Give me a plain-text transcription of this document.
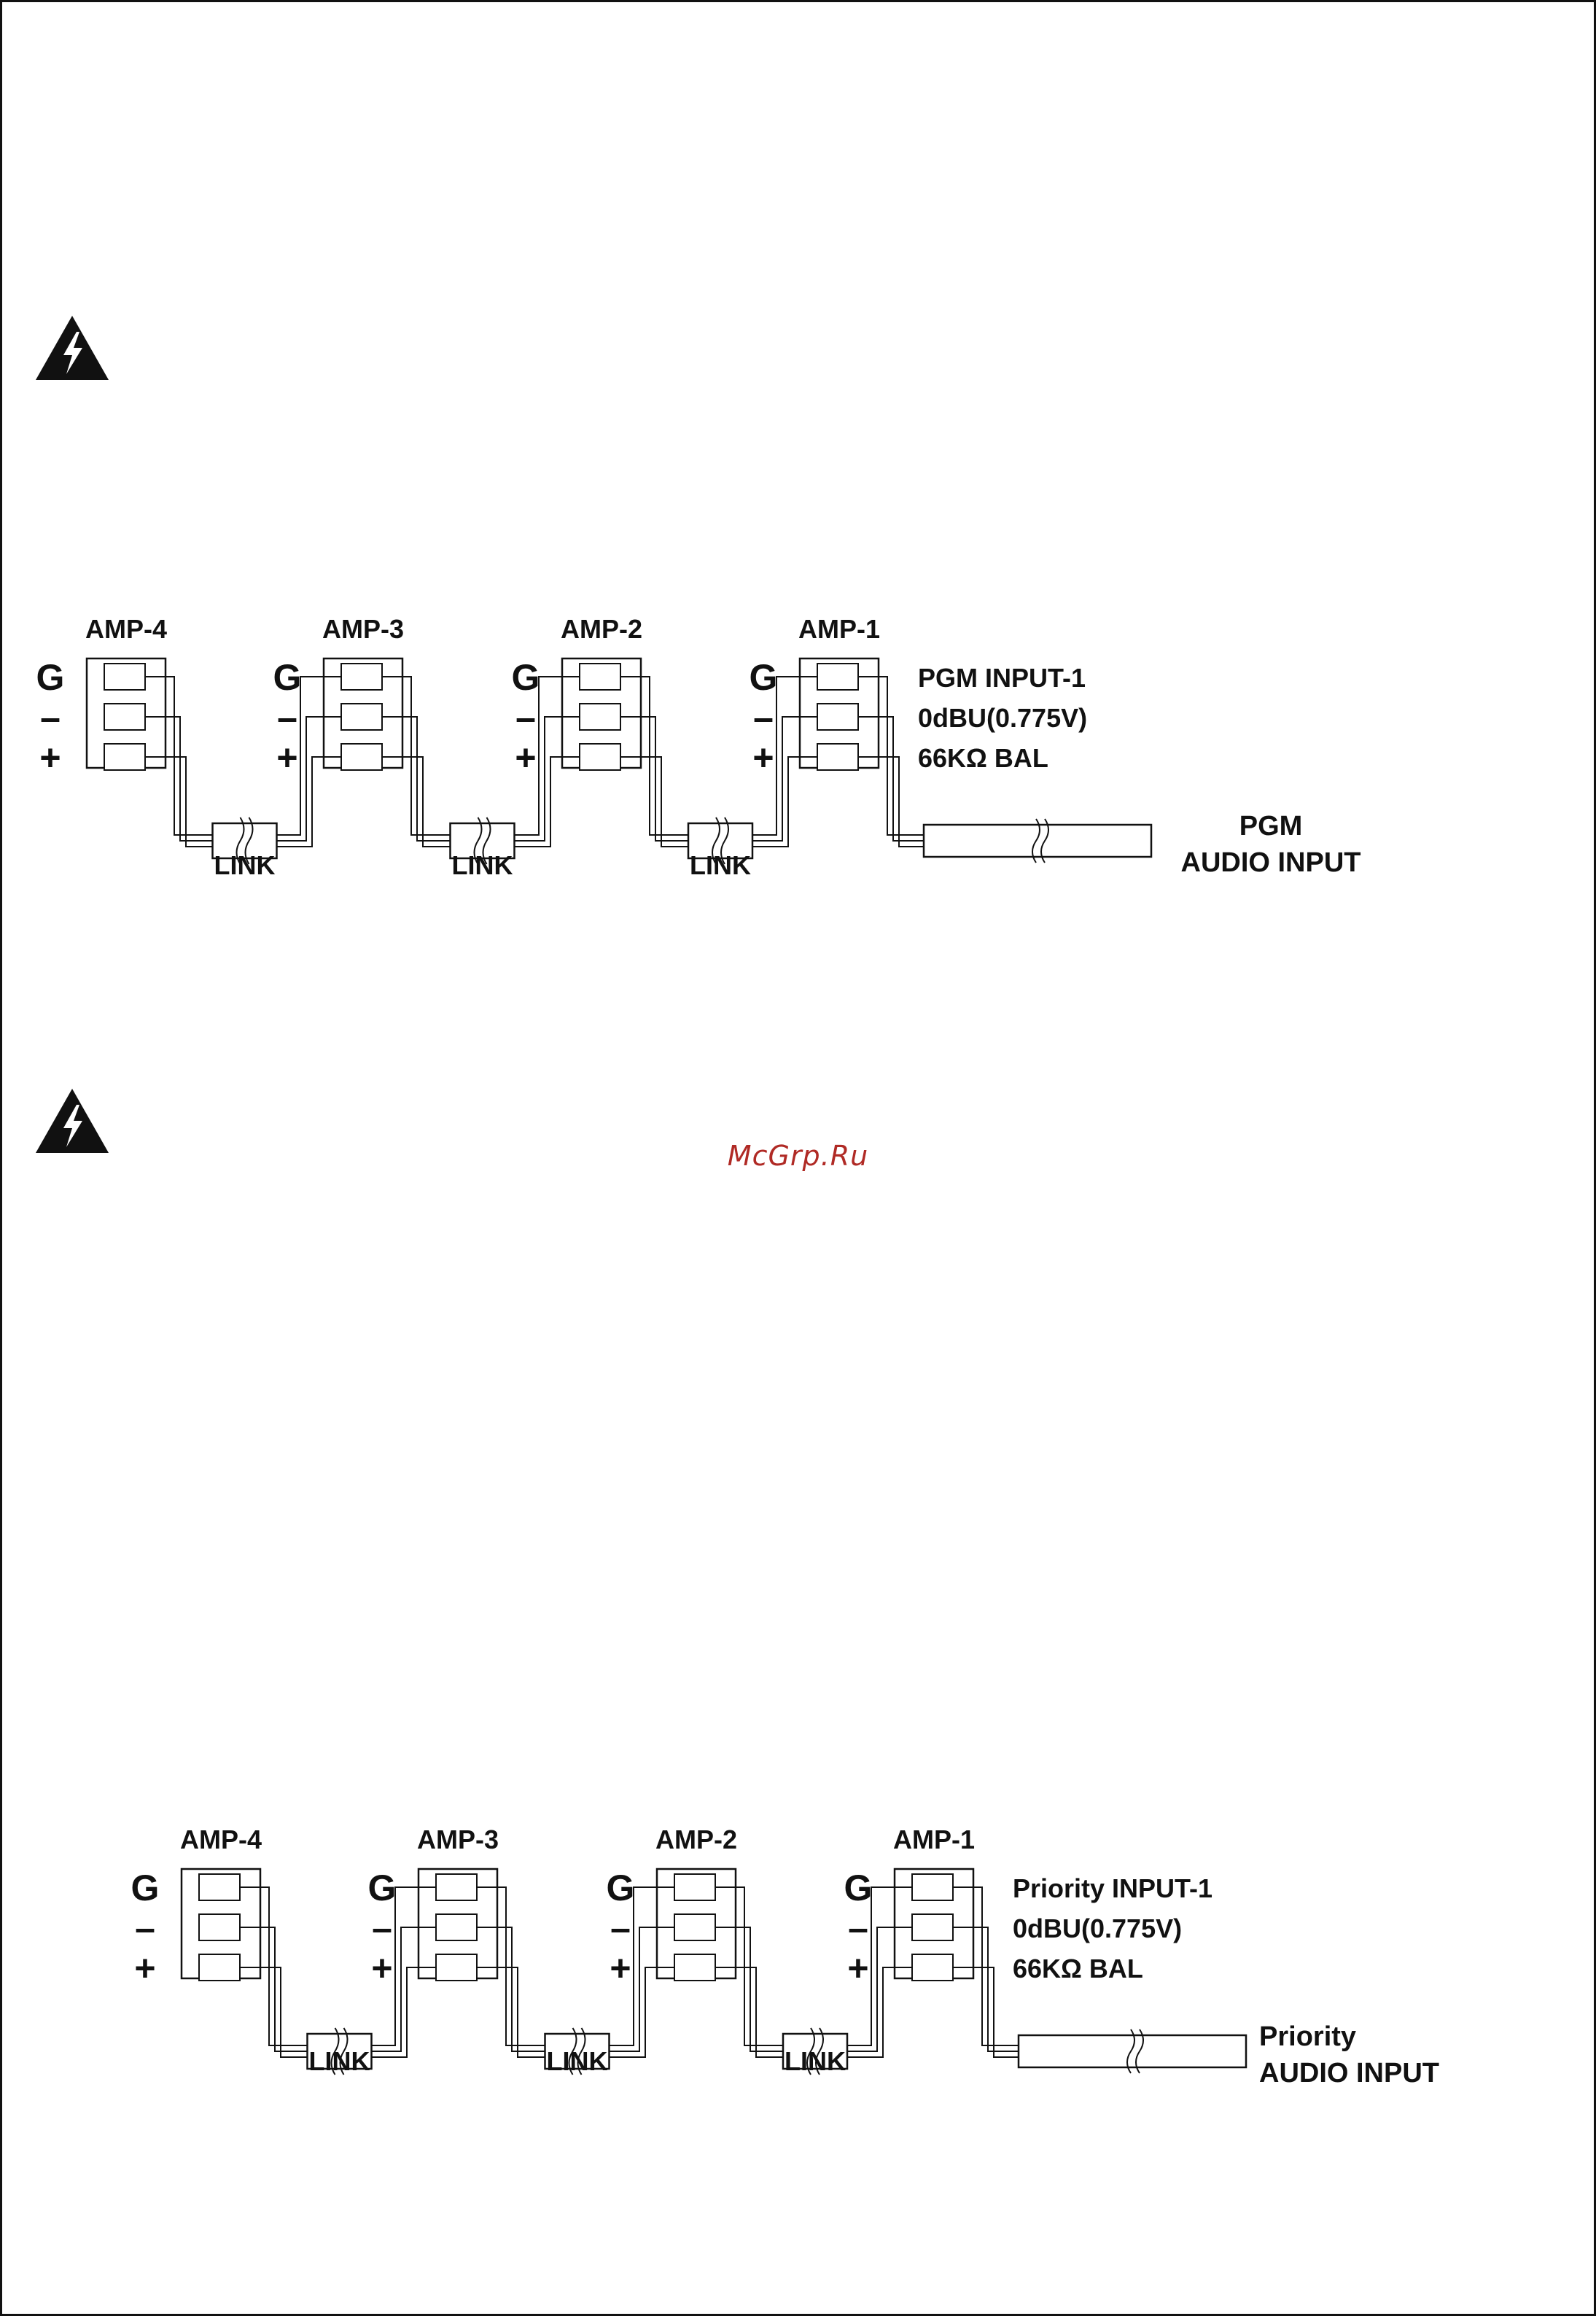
McGrp.Ru
AMP-4
G
–
+
AMP-3
G
–
+
AMP-2
G
–
+
AMP-1
G
–
+
LINK	LINK	LINK
PGM INPUT-1
0dBU(0.775V)
66KΩ BAL
PGM
AUDIO INPUT
AMP-4
G
–
+
AMP-3
G
–
+
AMP-2
G
–
+
AMP-1
G
–
+
LINK	LINK	LINK
Priority INPUT-1
0dBU(0.775V)
66KΩ BAL
Priority
AUDIO INPUT
